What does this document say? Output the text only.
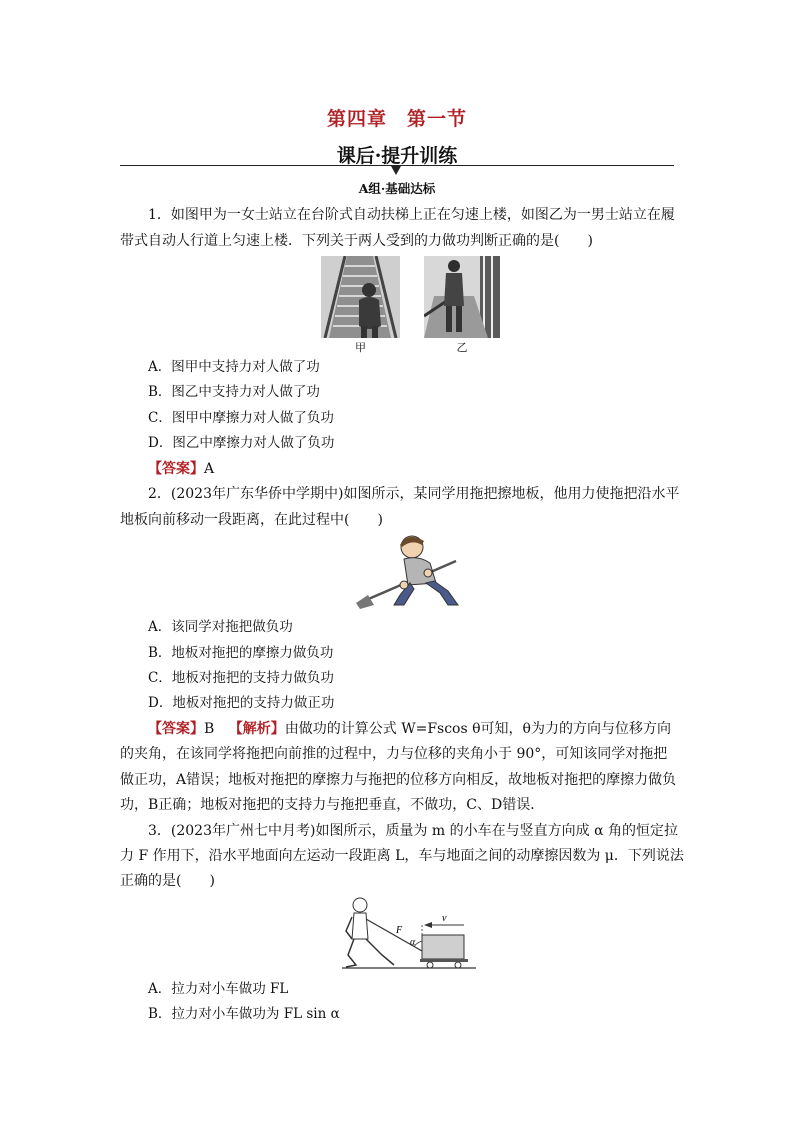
第四章　第一节
课后·提升训练
A组·基础达标
1．如图甲为一女士站立在台阶式自动扶梯上正在匀速上楼，如图乙为一男士站立在履
带式自动人行道上匀速上楼．下列关于两人受到的力做功判断正确的是(　　)
甲	乙
A．图甲中支持力对人做了功
B．图乙中支持力对人做了功
C．图甲中摩擦力对人做了负功
D．图乙中摩擦力对人做了负功
【答案】A
2．(2023年广东华侨中学期中)如图所示，某同学用拖把擦地板，他用力使拖把沿水平
地板向前移动一段距离，在此过程中(　　)
A．该同学对拖把做负功
B．地板对拖把的摩擦力做负功
C．地板对拖把的支持力做负功
D．地板对拖把的支持力做正功
【答案】B 【解析】由做功的计算公式 W=Fscos θ可知，θ为力的方向与位移方向
的夹角，在该同学将拖把向前推的过程中，力与位移的夹角小于 90°，可知该同学对拖把
做正功，A错误；地板对拖把的摩擦力与拖把的位移方向相反，故地板对拖把的摩擦力做负
功，B正确；地板对拖把的支持力与拖把垂直，不做功，C、D错误．
3．(2023年广州七中月考)如图所示，质量为 m 的小车在与竖直方向成 α 角的恒定拉
力 F 作用下，沿水平地面向左运动一段距离 L，车与地面之间的动摩擦因数为 μ．下列说法
正确的是(　　)
v
F
α
A．拉力对小车做功 FL
B．拉力对小车做功为 FL sin α
